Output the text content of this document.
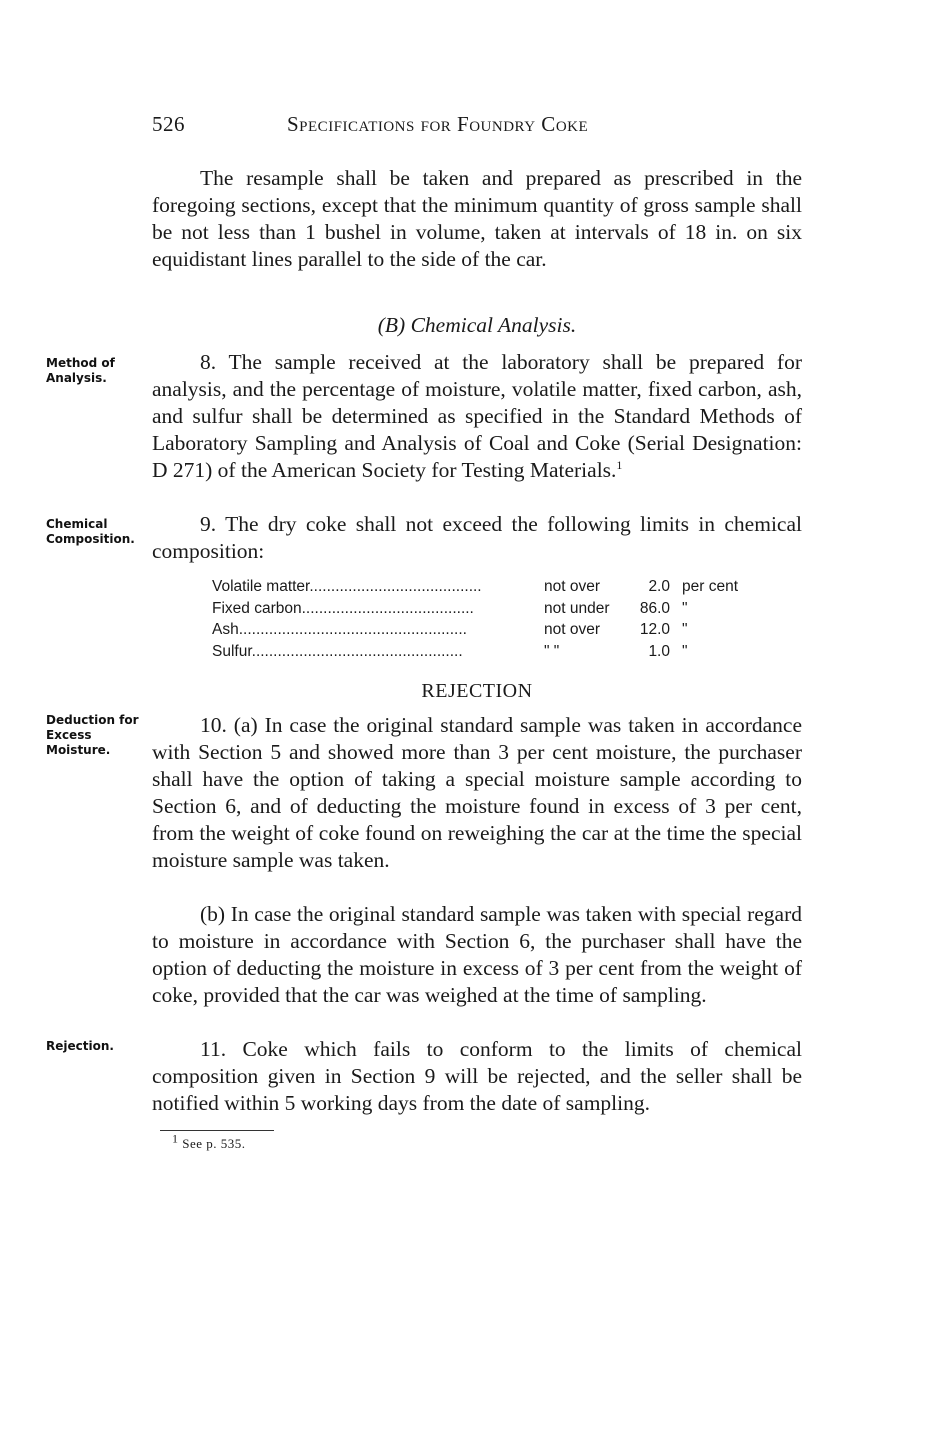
526	Specifications for Foundry Coke

The resample shall be taken and prepared as prescribed in the foregoing sections, except that the minimum quantity of gross sample shall be not less than 1 bushel in volume, taken at intervals of 18 in. on six equidistant lines parallel to the side of the car.

(B) Chemical Analysis.
Method of Analysis.

8. The sample received at the laboratory shall be prepared for analysis, and the percentage of moisture, volatile matter, fixed carbon, ash, and sulfur shall be determined as specified in the Standard Methods of Laboratory Sampling and Analysis of Coal and Coke (Serial Designation: D 271) of the American Society for Testing Materials.$^1$

Chemical Composition.

9. The dry coke shall not exceed the following limits in chemical composition:

Volatile matter........................................	not over	2.0 per cent
Fixed carbon........................................	not under	86.0 "
Ash.....................................................	not over	12.0 "
Sulfur.................................................	" "	1.0 "
REJECTION
Deduction for Excess Moisture.

10. (a) In case the original standard sample was taken in accordance with Section 5 and showed more than 3 per cent moisture, the purchaser shall have the option of taking a special moisture sample according to Section 6, and of deducting the moisture found in excess of 3 per cent, from the weight of coke found on reweighing the car at the time the special moisture sample was taken.

(b) In case the original standard sample was taken with special regard to moisture in accordance with Section 6, the purchaser shall have the option of deducting the moisture in excess of 3 per cent from the weight of coke, provided that the car was weighed at the time of sampling.

Rejection.	11. Coke which fails to conform to the limits of chemical composition given in Section 9 will be rejected, and the seller shall be notified within 5 working days from the date of sampling.

$^1$ See p. 535.
